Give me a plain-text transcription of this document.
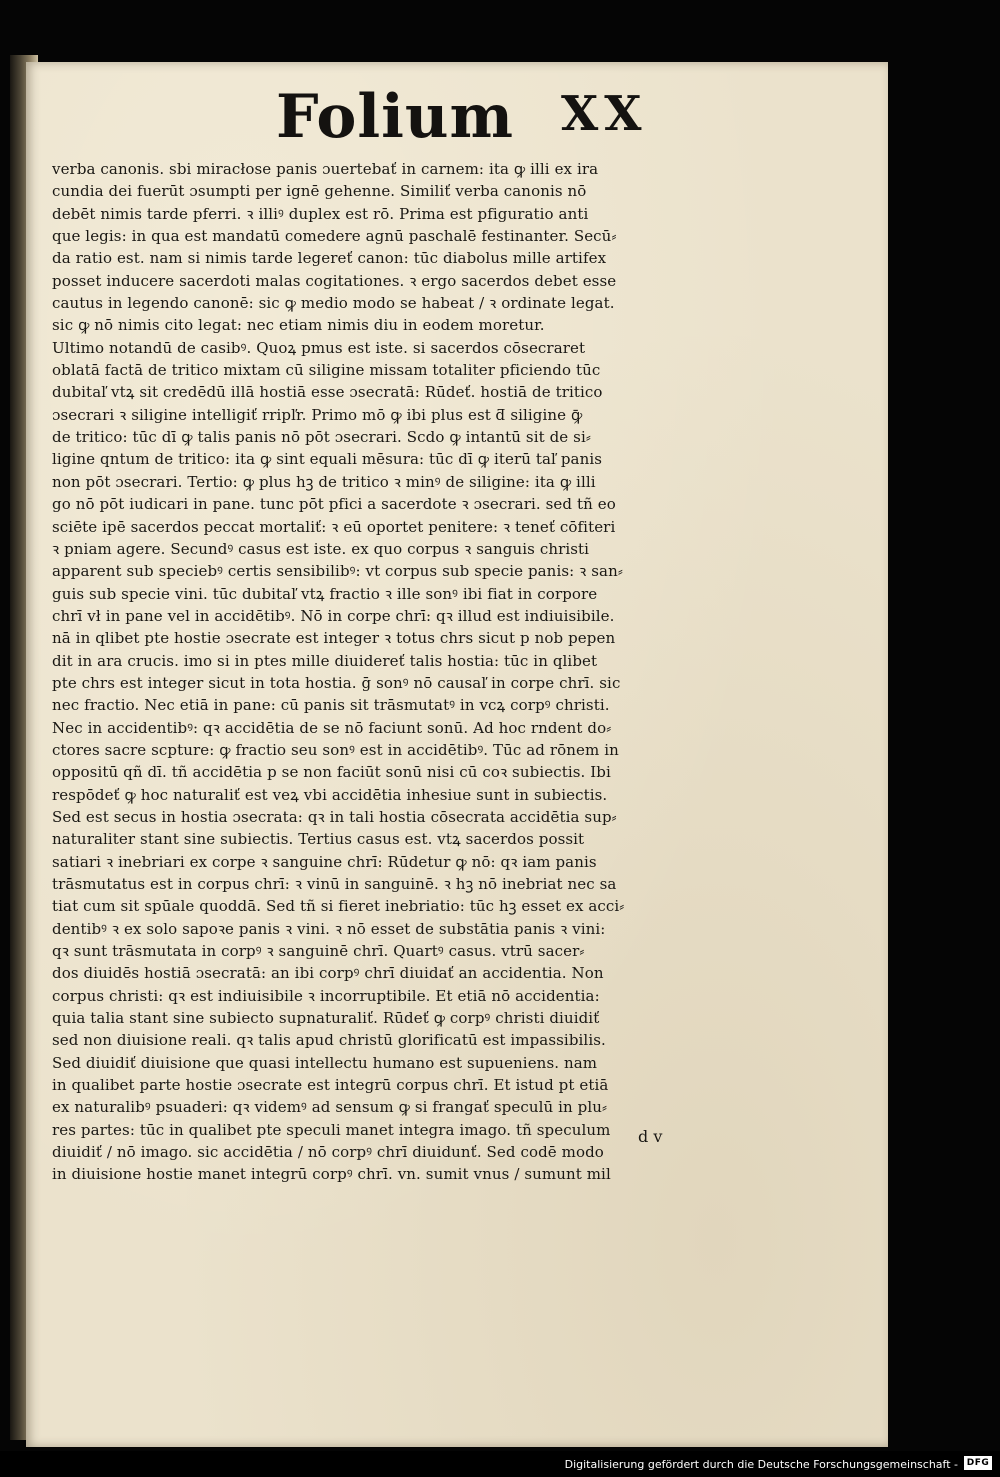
Folium XX
verba canonis. sbi miracłose panis ɔuertebať in carnem: ita ꝙ illi ex ira
cundia dei fuerūt ɔsumpti per ignē gehenne. Similiť verba canonis nō
debēt nimis tarde pferri. ꝛ illiꝰ duplex est rō. Prima est pfiguratio anti
que legis: in qua est mandatū comedere agnū paschalē festinanter. Secū⸗
da ratio est. nam si nimis tarde legereť canon: tūc diabolus mille artifex
posset inducere sacerdoti malas cogitationes. ꝛ ergo sacerdos debet esse
cautus in legendo canonē: sic ꝙ medio modo se habeat / ꝛ ordinate legat.
sic ꝙ nō nimis cito legat: nec etiam nimis diu in eodem moretur.
Ultimo notandū de casibꝰ. Quoꝝ pmus est iste. si sacerdos cōsecraret
oblatā factā de tritico mixtam cū siligine missam totaliter pficiendo tūc
dubitaľ vtꝝ sit credēdū illā hostiā esse ɔsecratā: Rūdeť. hostiā de tritico
ɔsecrari ꝛ siligine intelligiť rripľr. Primo mō ꝙ ibi plus est ƌ siligine ꝙ̄
de tritico: tūc dī ꝙ talis panis nō pōt ɔsecrari. Scdo ꝙ intantū sit de si⸗
ligine qntum de tritico: ita ꝙ sint equali mēsura: tūc dī ꝙ iterū taľ panis
non pōt ɔsecrari. Tertio: ꝙ plus hꝫ de tritico ꝛ minꝰ de siligine: ita ꝙ illi
go nō pōt iudicari in pane. tunc pōt pfici a sacerdote ꝛ ɔsecrari. sed tñ eo
sciēte ipē sacerdos peccat mortaliť: ꝛ eū oportet penitere: ꝛ teneť cōfiteri
ꝛ pniam agere. Secundꝰ casus est iste. ex quo corpus ꝛ sanguis christi
apparent sub speciebꝰ certis sensibilibꝰ: vt corpus sub specie panis: ꝛ san⸗
guis sub specie vini. tūc dubitaľ vtꝝ fractio ꝛ ille sonꝰ ibi fiat in corpore
chrī vł in pane vel in accidētibꝰ. Nō in corpe chrī: qꝛ illud est indiuisibile.
nā in qlibet pte hostie ɔsecrate est integer ꝛ totus chrs sicut p nob pepen
dit in ara crucis. imo si in ptes mille diuidereť talis hostia: tūc in qlibet
pte chrs est integer sicut in tota hostia. ḡ sonꝰ nō causaľ in corpe chrī. sic
nec fractio. Nec etiā in pane: cū panis sit trāsmutatꝰ in vcꝝ corpꝰ christi.
Nec in accidentibꝰ: qꝛ accidētia de se nō faciunt sonū. Ad hoc rndent do⸗
ctores sacre scpture: ꝙ fractio seu sonꝰ est in accidētibꝰ. Tūc ad rōnem in
oppositū qñ dī. tñ accidētia p se non faciūt sonū nisi cū coꝛ subiectis. Ibi
respōdeť ꝙ hoc naturaliť est veꝝ vbi accidētia inhesiue sunt in subiectis.
Sed est secus in hostia ɔsecrata: qꝛ in tali hostia cōsecrata accidētia sup⸗
naturaliter stant sine subiectis. Tertius casus est. vtꝝ sacerdos possit
satiari ꝛ inebriari ex corpe ꝛ sanguine chrī: Rūdetur ꝙ nō: qꝛ iam panis
trāsmutatus est in corpus chrī: ꝛ vinū in sanguinē. ꝛ hꝫ nō inebriat nec sa
tiat cum sit spūale quoddā. Sed tñ si fieret inebriatio: tūc hꝫ esset ex acci⸗
dentibꝰ ꝛ ex solo sapoꝛe panis ꝛ vini. ꝛ nō esset de substātia panis ꝛ vini:
qꝛ sunt trāsmutata in corpꝰ ꝛ sanguinē chrī. Quartꝰ casus. vtrū sacer⸗
dos diuidēs hostiā ɔsecratā: an ibi corpꝰ chrī diuidať an accidentia. Non
corpus christi: qꝛ est indiuisibile ꝛ incorruptibile. Et etiā nō accidentia:
quia talia stant sine subiecto supnaturaliť. Rūdeť ꝙ corpꝰ christi diuidiť
sed non diuisione reali. qꝛ talis apud christū glorificatū est impassibilis.
Sed diuidiť diuisione que quasi intellectu humano est supueniens. nam
in qualibet parte hostie ɔsecrate est integrū corpus chrī. Et istud pt etiā
ex naturalibꝰ psuaderi: qꝛ videmꝰ ad sensum ꝙ si frangať speculū in plu⸗
res partes: tūc in qualibet pte speculi manet integra imago. tñ speculum
diuidiť / nō imago. sic accidētia / nō corpꝰ chrī diuidunť. Sed codē modo
in diuisione hostie manet integrū corpꝰ chrī. vn. sumit vnus / sumunt mil
d v
Digitalisierung gefördert durch die Deutsche Forschungsgemeinschaft - DFG
